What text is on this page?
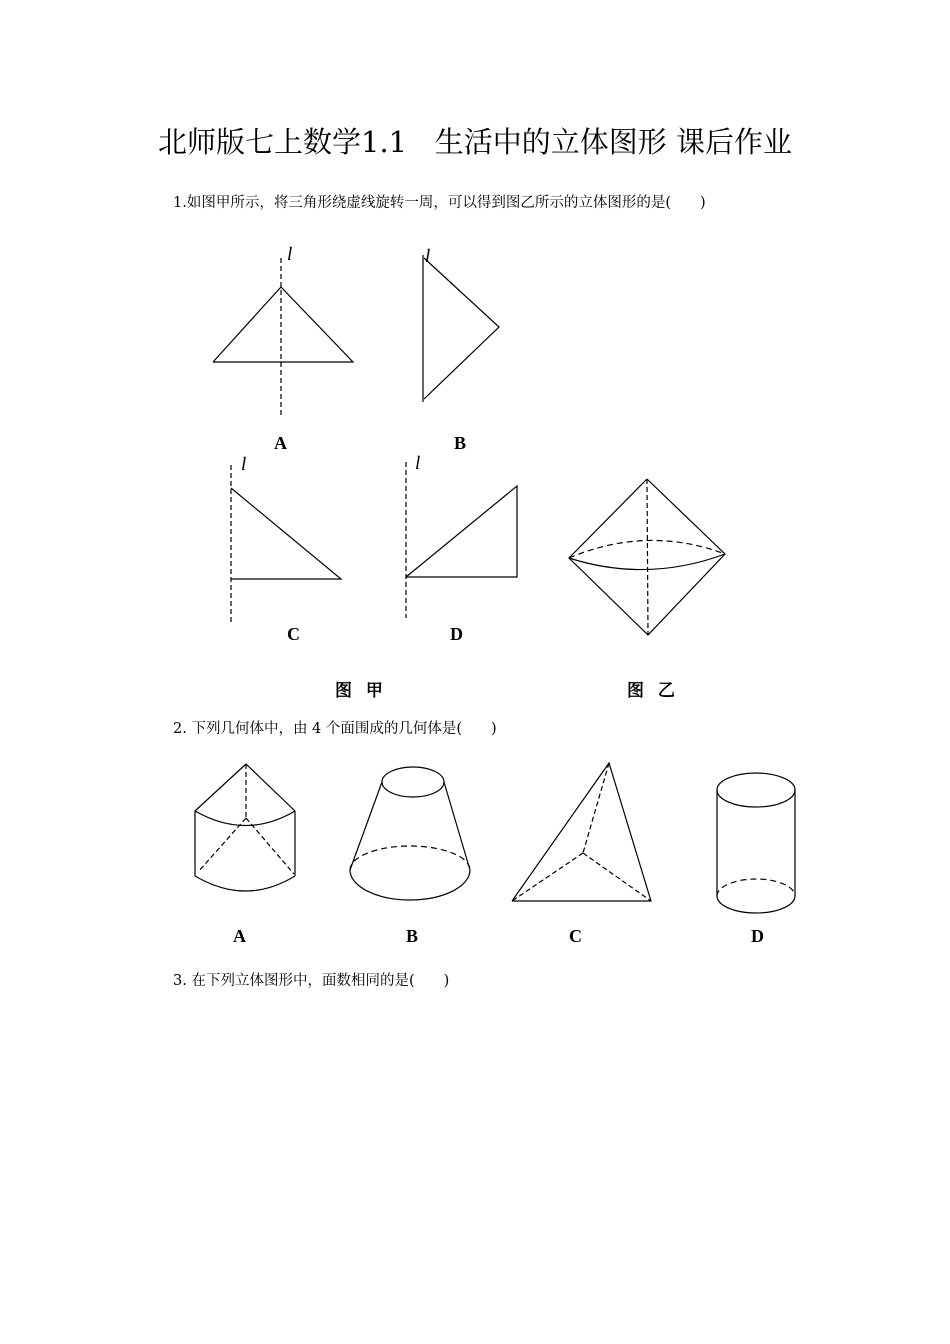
北师版七上数学1.1 生活中的立体图形 课后作业
1.如图甲所示，将三角形绕虚线旋转一周，可以得到图乙所示的立体图形的是(　　)
l	l
l	l
A	B
C	D
图 甲	图 乙
2. 下列几何体中，由 4 个面围成的几何体是(　　)
A	B	C	D
3. 在下列立体图形中，面数相同的是(　　)
